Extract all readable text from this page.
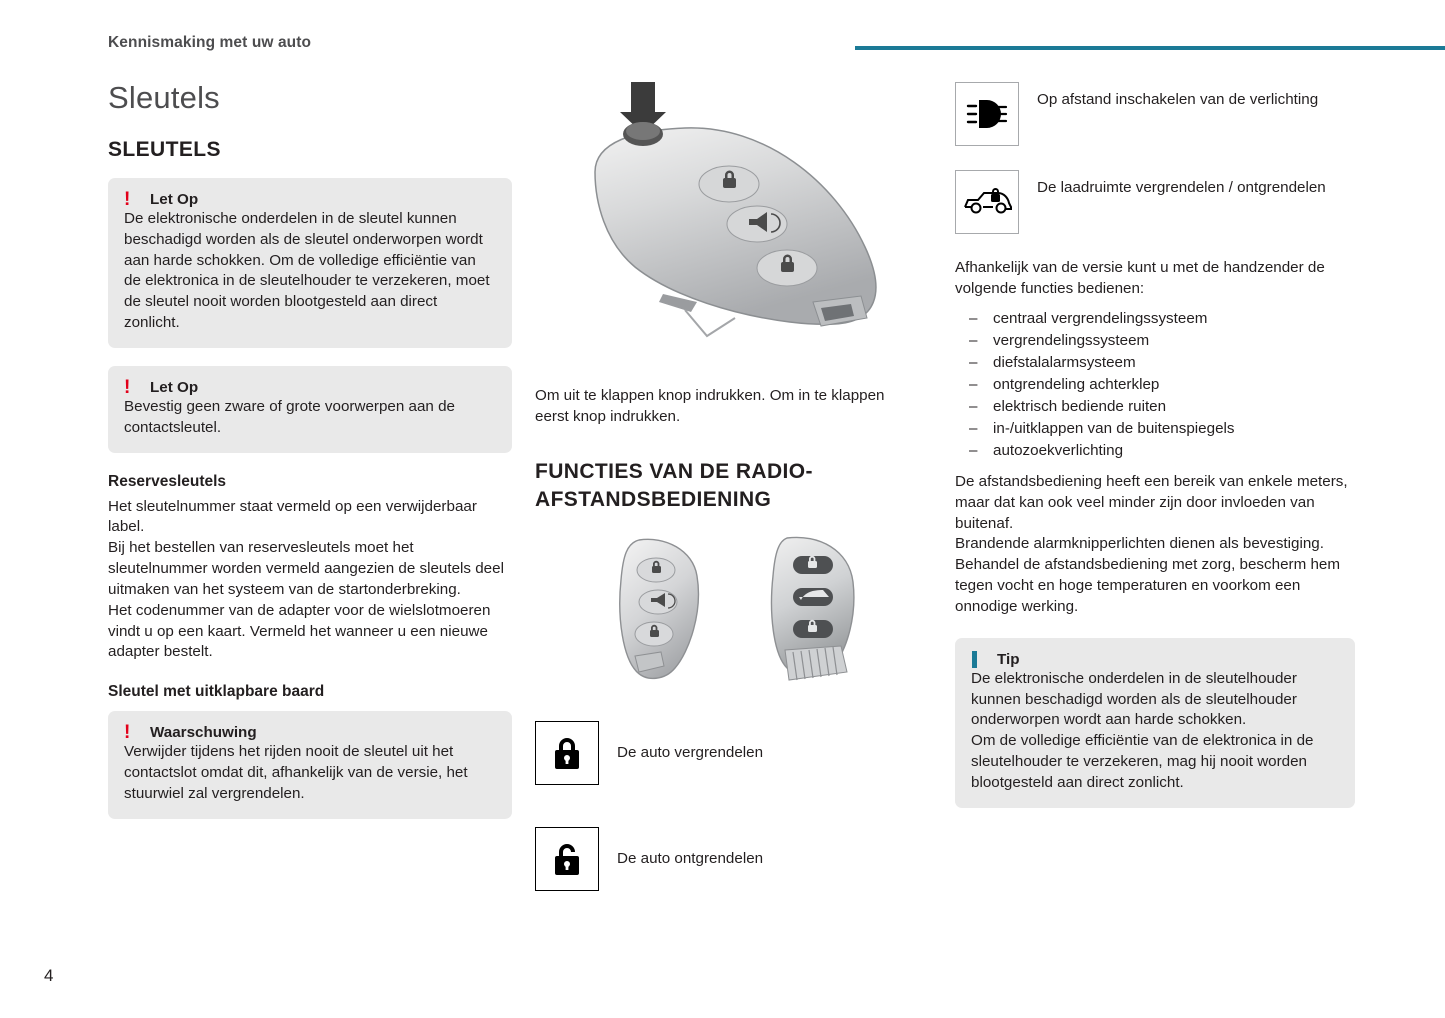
Kennismaking met uw auto
4
Sleutels
SLEUTELS
! Let Op
De elektronische onderdelen in de sleutel kunnen beschadigd worden als de sleutel onderworpen wordt aan harde schokken. Om de volledige efficiëntie van de elektronica in de sleutelhouder te verzekeren, moet de sleutel nooit worden blootgesteld aan direct zonlicht.
! Let Op
Bevestig geen zware of grote voorwerpen aan de contactsleutel.
Reservesleutels

Het sleutelnummer staat vermeld op een verwijderbaar label.

Bij het bestellen van reservesleutels moet het sleutelnummer worden vermeld aangezien de sleutels deel uitmaken van het systeem van de startonderbreking.

Het codenummer van de adapter voor de wielslotmoeren vindt u op een kaart. Vermeld het wanneer u een nieuwe adapter bestelt.

Sleutel met uitklapbare baard
! Waarschuwing
Verwijder tijdens het rijden nooit de sleutel uit het contactslot omdat dit, afhankelijk van de versie, het stuurwiel zal vergrendelen.

Om uit te klappen knop indrukken. Om in te klappen eerst knop indrukken.

FUNCTIES VAN DE RADIO-AFSTANDSBEDIENING
De auto vergrendelen
De auto ontgrendelen
Op afstand inschakelen van de verlichting
De laadruimte vergrendelen / ontgrendelen

Afhankelijk van de versie kunt u met de handzender de volgende functies bedienen:

– centraal vergrendelingssysteem
– vergrendelingssysteem
– diefstalalarmsysteem
– ontgrendeling achterklep
– elektrisch bediende ruiten
– in-/uitklappen van de buitenspiegels
– autozoekverlichting

De afstandsbediening heeft een bereik van enkele meters, maar dat kan ook veel minder zijn door invloeden van buitenaf.

Brandende alarmknipperlichten dienen als bevestiging.

Behandel de afstandsbediening met zorg, bescherm hem tegen vocht en hoge temperaturen en voorkom een onnodige werking.

Tip
De elektronische onderdelen in de sleutelhouder kunnen beschadigd worden als de sleutelhouder onderworpen wordt aan harde schokken.
Om de volledige efficiëntie van de elektronica in de sleutelhouder te verzekeren, mag hij nooit worden blootgesteld aan direct zonlicht.
